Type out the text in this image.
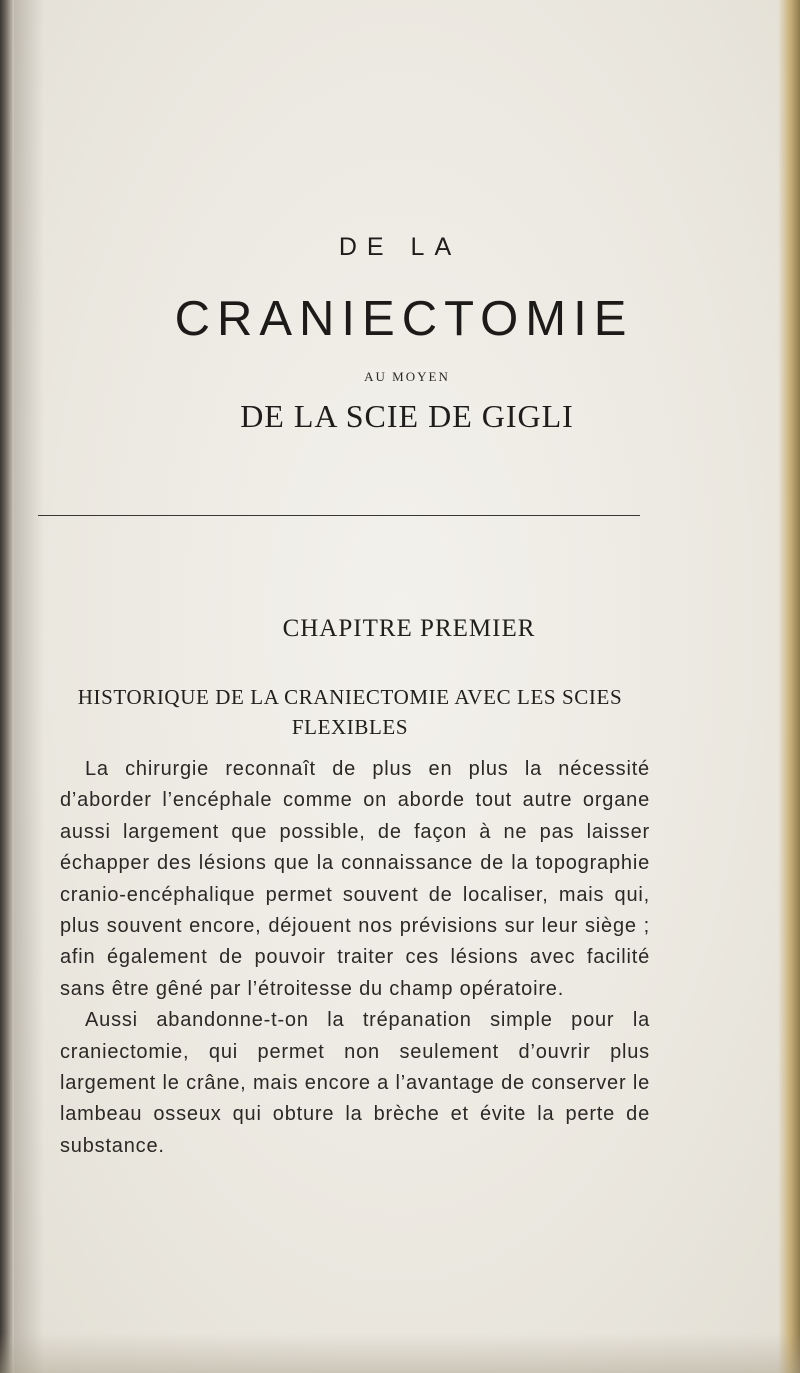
DE LA
CRANIECTOMIE
AU MOYEN
DE LA SCIE DE GIGLI
CHAPITRE PREMIER
HISTORIQUE DE LA CRANIECTOMIE AVEC LES SCIES FLEXIBLES

La chirurgie reconnaît de plus en plus la nécessité d’aborder l’encéphale comme on aborde tout autre organe aussi largement que possible, de façon à ne pas laisser échapper des lésions que la connaissance de la topographie cranio-encéphalique permet souvent de localiser, mais qui, plus souvent encore, déjouent nos prévisions sur leur siège ; afin également de pouvoir traiter ces lésions avec facilité sans être gêné par l’étroitesse du champ opératoire.

Aussi abandonne-t-on la trépanation simple pour la craniectomie, qui permet non seulement d’ouvrir plus largement le crâne, mais encore a l’avantage de conserver le lambeau osseux qui obture la brèche et évite la perte de substance.
